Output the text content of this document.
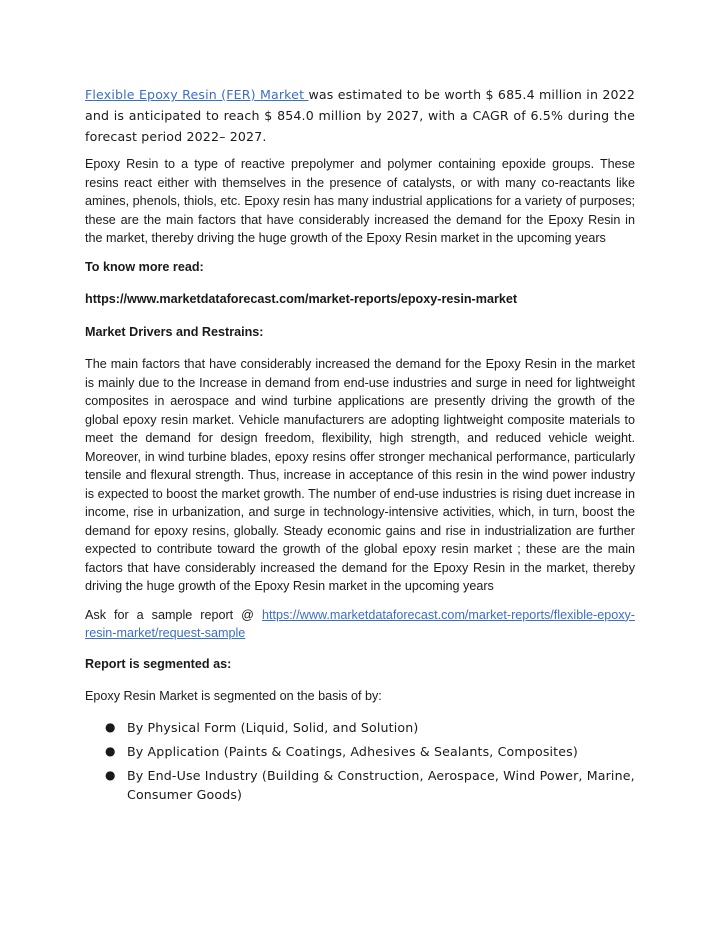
Flexible Epoxy Resin (FER) Market was estimated to be worth $ 685.4 million in 2022 and is anticipated to reach $ 854.0 million by 2027, with a CAGR of 6.5% during the forecast period 2022– 2027.

Epoxy Resin to a type of reactive prepolymer and polymer containing epoxide groups. These resins react either with themselves in the presence of catalysts, or with many co-reactants like amines, phenols, thiols, etc. Epoxy resin has many industrial applications for a variety of purposes; these are the main factors that have considerably increased the demand for the Epoxy Resin in the market, thereby driving the huge growth of the Epoxy Resin market in the upcoming years

To know more read:

https://www.marketdataforecast.com/market-reports/epoxy-resin-market

Market Drivers and Restrains:

The main factors that have considerably increased the demand for the Epoxy Resin in the market is mainly due to the Increase in demand from end-use industries and surge in need for lightweight composites in aerospace and wind turbine applications are presently driving the growth of the global epoxy resin market. Vehicle manufacturers are adopting lightweight composite materials to meet the demand for design freedom, flexibility, high strength, and reduced vehicle weight. Moreover, in wind turbine blades, epoxy resins offer stronger mechanical performance, particularly tensile and flexural strength. Thus, increase in acceptance of this resin in the wind power industry is expected to boost the market growth. The number of end-use industries is rising duet increase in income, rise in urbanization, and surge in technology-intensive activities, which, in turn, boost the demand for epoxy resins, globally. Steady economic gains and rise in industrialization are further expected to contribute toward the growth of the global epoxy resin market ; these are the main factors that have considerably increased the demand for the Epoxy Resin in the market, thereby driving the huge growth of the Epoxy Resin market in the upcoming years

Ask for a sample report @ https://www.marketdataforecast.com/market-reports/flexible-epoxy-resin-market/request-sample

Report is segmented as:

Epoxy Resin Market is segmented on the basis of by:

● By Physical Form (Liquid, Solid, and Solution)
● By Application (Paints & Coatings, Adhesives & Sealants, Composites)
● By End-Use Industry (Building & Construction, Aerospace, Wind Power, Marine, Consumer Goods)
